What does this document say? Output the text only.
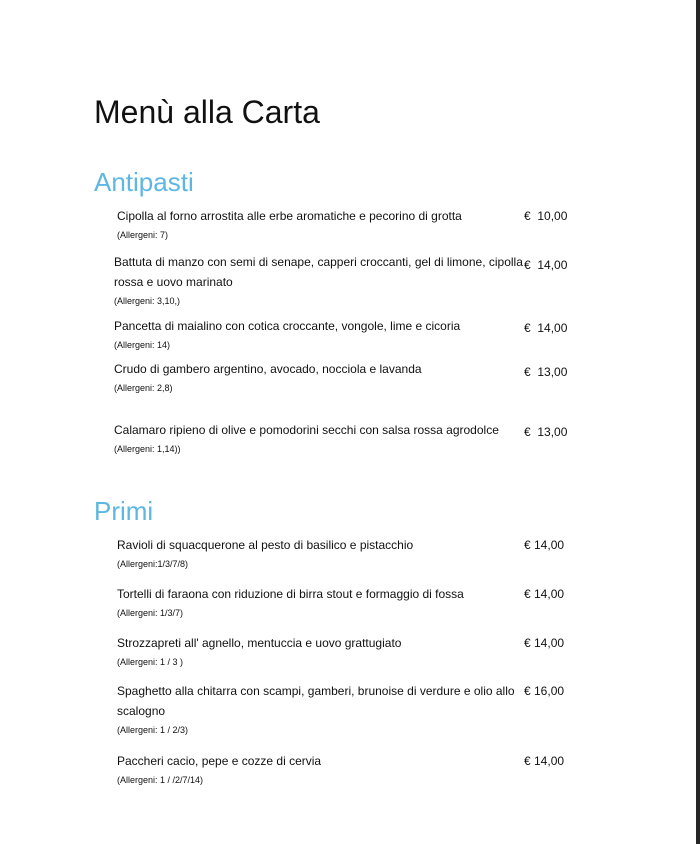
Menù alla Carta
Antipasti
Cipolla al forno arrostita alle erbe aromatiche e pecorino di grotta
(Allergeni: 7)
€  10,00
Battuta di manzo con semi di senape, capperi croccanti, gel di limone, cipolla rossa e uovo marinato
(Allergeni: 3,10,)
€  14,00
Pancetta di maialino con cotica croccante, vongole, lime e cicoria
(Allergeni: 14)
€  14,00
Crudo di gambero argentino, avocado, nocciola e lavanda
(Allergeni: 2,8)
€  13,00
Calamaro ripieno di olive e pomodorini secchi con salsa rossa agrodolce
(Allergeni: 1,14))
€  13,00
Primi
Ravioli di squacquerone al pesto di basilico e pistacchio
(Allergeni:1/3/7/8)
€ 14,00
Tortelli di faraona con riduzione di birra stout e formaggio di fossa
(Allergeni: 1/3/7)
€ 14,00
Strozzapreti all' agnello, mentuccia e uovo grattugiato
(Allergeni: 1 / 3 )
€ 14,00
Spaghetto alla chitarra con scampi, gamberi, brunoise di verdure e olio allo scalogno
(Allergeni: 1 / 2/3)
€ 16,00
Paccheri cacio, pepe e cozze di cervia
(Allergeni: 1 / /2/7/14)
€ 14,00
